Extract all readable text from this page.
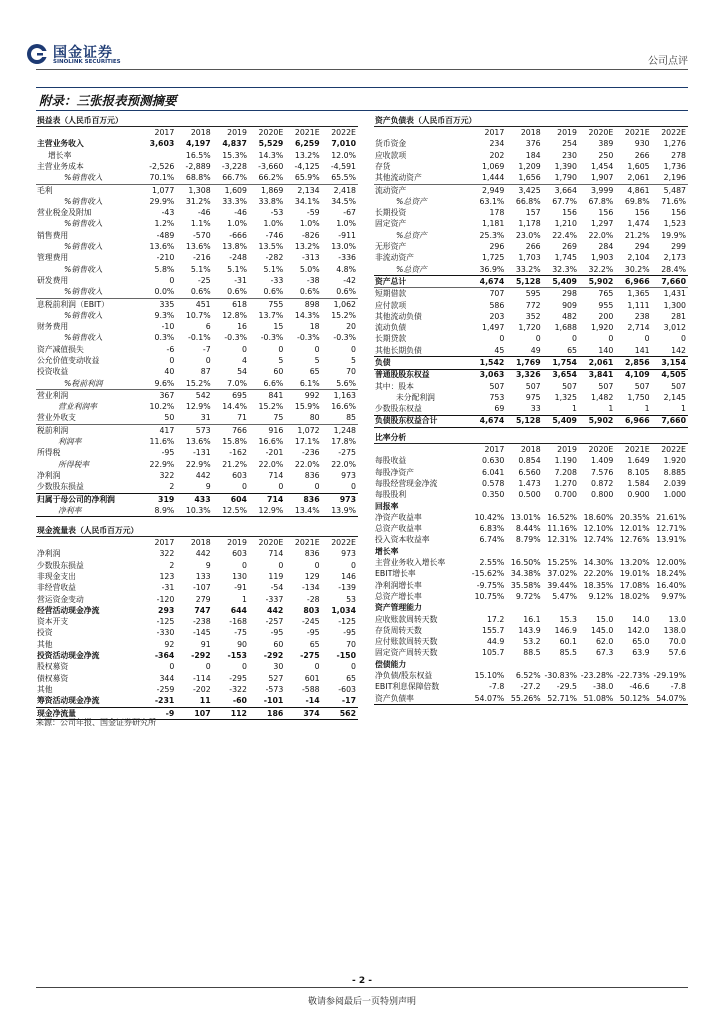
国金证券
SINOLINK SECURITIES	公司点评
附录：三张报表预测摘要
损益表（人民币百万元）						
	2017	2018	2019	2020E	2021E	2022E
主营业务收入	3,603	4,197	4,837	5,529	6,259	7,010
增长率		16.5%	15.3%	14.3%	13.2%	12.0%
主营业务成本	-2,526	-2,889	-3,228	-3,660	-4,125	-4,591
%销售收入	70.1%	68.8%	66.7%	66.2%	65.9%	65.5%
毛利	1,077	1,308	1,609	1,869	2,134	2,418
%销售收入	29.9%	31.2%	33.3%	33.8%	34.1%	34.5%
营业税金及附加	-43	-46	-46	-53	-59	-67
%销售收入	1.2%	1.1%	1.0%	1.0%	1.0%	1.0%
销售费用	-489	-570	-666	-746	-826	-911
%销售收入	13.6%	13.6%	13.8%	13.5%	13.2%	13.0%
管理费用	-210	-216	-248	-282	-313	-336
%销售收入	5.8%	5.1%	5.1%	5.1%	5.0%	4.8%
研发费用	0	-25	-31	-33	-38	-42
%销售收入	0.0%	0.6%	0.6%	0.6%	0.6%	0.6%
息税前利润（EBIT）	335	451	618	755	898	1,062
%销售收入	9.3%	10.7%	12.8%	13.7%	14.3%	15.2%
财务费用	-10	6	16	15	18	20
%销售收入	0.3%	-0.1%	-0.3%	-0.3%	-0.3%	-0.3%
资产减值损失	-6	-7	0	0	0	0
公允价值变动收益	0	0	4	5	5	5
投资收益	40	87	54	60	65	70
%税前利润	9.6%	15.2%	7.0%	6.6%	6.1%	5.6%
营业利润	367	542	695	841	992	1,163
营业利润率	10.2%	12.9%	14.4%	15.2%	15.9%	16.6%
营业外收支	50	31	71	75	80	85
税前利润	417	573	766	916	1,072	1,248
利润率	11.6%	13.6%	15.8%	16.6%	17.1%	17.8%
所得税	-95	-131	-162	-201	-236	-275
所得税率	22.9%	22.9%	21.2%	22.0%	22.0%	22.0%
净利润	322	442	603	714	836	973
少数股东损益	2	9	0	0	0	0
归属于母公司的净利润	319	433	604	714	836	973
净利率	8.9%	10.3%	12.5%	12.9%	13.4%	13.9%
资产负债表（人民币百万元）						
	2017	2018	2019	2020E	2021E	2022E
货币资金	234	376	254	389	930	1,276
应收款项	202	184	230	250	266	278
存货	1,069	1,209	1,390	1,454	1,605	1,736
其他流动资产	1,444	1,656	1,790	1,907	2,061	2,196
流动资产	2,949	3,425	3,664	3,999	4,861	5,487
%总资产	63.1%	66.8%	67.7%	67.8%	69.8%	71.6%
长期投资	178	157	156	156	156	156
固定资产	1,181	1,178	1,210	1,297	1,474	1,523
%总资产	25.3%	23.0%	22.4%	22.0%	21.2%	19.9%
无形资产	296	266	269	284	294	299
非流动资产	1,725	1,703	1,745	1,903	2,104	2,173
%总资产	36.9%	33.2%	32.3%	32.2%	30.2%	28.4%
资产总计	4,674	5,128	5,409	5,902	6,966	7,660
短期借款	707	595	298	765	1,365	1,431
应付款项	586	772	909	955	1,111	1,300
其他流动负债	203	352	482	200	238	281
流动负债	1,497	1,720	1,688	1,920	2,714	3,012
长期贷款	0	0	0	0	0	0
其他长期负债	45	49	65	140	141	142
负债	1,542	1,769	1,754	2,061	2,856	3,154
普通股股东权益	3,063	3,326	3,654	3,841	4,109	4,505
其中：股本	507	507	507	507	507	507
未分配利润	753	975	1,325	1,482	1,750	2,145
少数股东权益	69	33	1	1	1	1
负债股东权益合计	4,674	5,128	5,409	5,902	6,966	7,660
比率分析						
	2017	2018	2019	2020E	2021E	2022E
每股收益	0.630	0.854	1.190	1.409	1.649	1.920
每股净资产	6.041	6.560	7.208	7.576	8.105	8.885
每股经营现金净流	0.578	1.473	1.270	0.872	1.584	2.039
每股股利	0.350	0.500	0.700	0.800	0.900	1.000
回报率						
净资产收益率	10.42%	13.01%	16.52%	18.60%	20.35%	21.61%
总资产收益率	6.83%	8.44%	11.16%	12.10%	12.01%	12.71%
投入资本收益率	6.74%	8.79%	12.31%	12.74%	12.76%	13.91%
增长率						
主营业务收入增长率	2.55%	16.50%	15.25%	14.30%	13.20%	12.00%
EBIT增长率	-15.62%	34.38%	37.02%	22.20%	19.01%	18.24%
净利润增长率	-9.75%	35.58%	39.44%	18.35%	17.08%	16.40%
总资产增长率	10.75%	9.72%	5.47%	9.12%	18.02%	9.97%
资产管理能力						
应收账款周转天数	17.2	16.1	15.3	15.0	14.0	13.0
存货周转天数	155.7	143.9	146.9	145.0	142.0	138.0
应付账款周转天数	44.9	53.2	60.1	62.0	65.0	70.0
固定资产周转天数	105.7	88.5	85.5	67.3	63.9	57.6
偿债能力						
净负债/股东权益	15.10%	6.52%	-30.83%	-23.28%	-22.73%	-29.19%
EBIT利息保障倍数	-7.8	-27.2	-29.5	-38.0	-46.6	-7.8
资产负债率	54.07%	55.26%	52.71%	51.08%	50.12%	54.07%
现金流量表（人民币百万元）						
	2017	2018	2019	2020E	2021E	2022E
净利润	322	442	603	714	836	973
少数股东损益	2	9	0	0	0	0
非现金支出	123	133	130	119	129	146
非经营收益	-31	-107	-91	-54	-134	-139
营运资金变动	-120	279	1	-337	-28	53
经营活动现金净流	293	747	644	442	803	1,034
资本开支	-125	-238	-168	-257	-245	-125
投资	-330	-145	-75	-95	-95	-95
其他	92	91	90	60	65	70
投资活动现金净流	-364	-292	-153	-292	-275	-150
股权募资	0	0	0	30	0	0
债权募资	344	-114	-295	527	601	65
其他	-259	-202	-322	-573	-588	-603
筹资活动现金净流	-231	11	-60	-101	-14	-17
现金净流量	-9	107	112	186	374	562
来源：公司年报、国金证券研究所
- 2 -
敬请参阅最后一页特别声明
